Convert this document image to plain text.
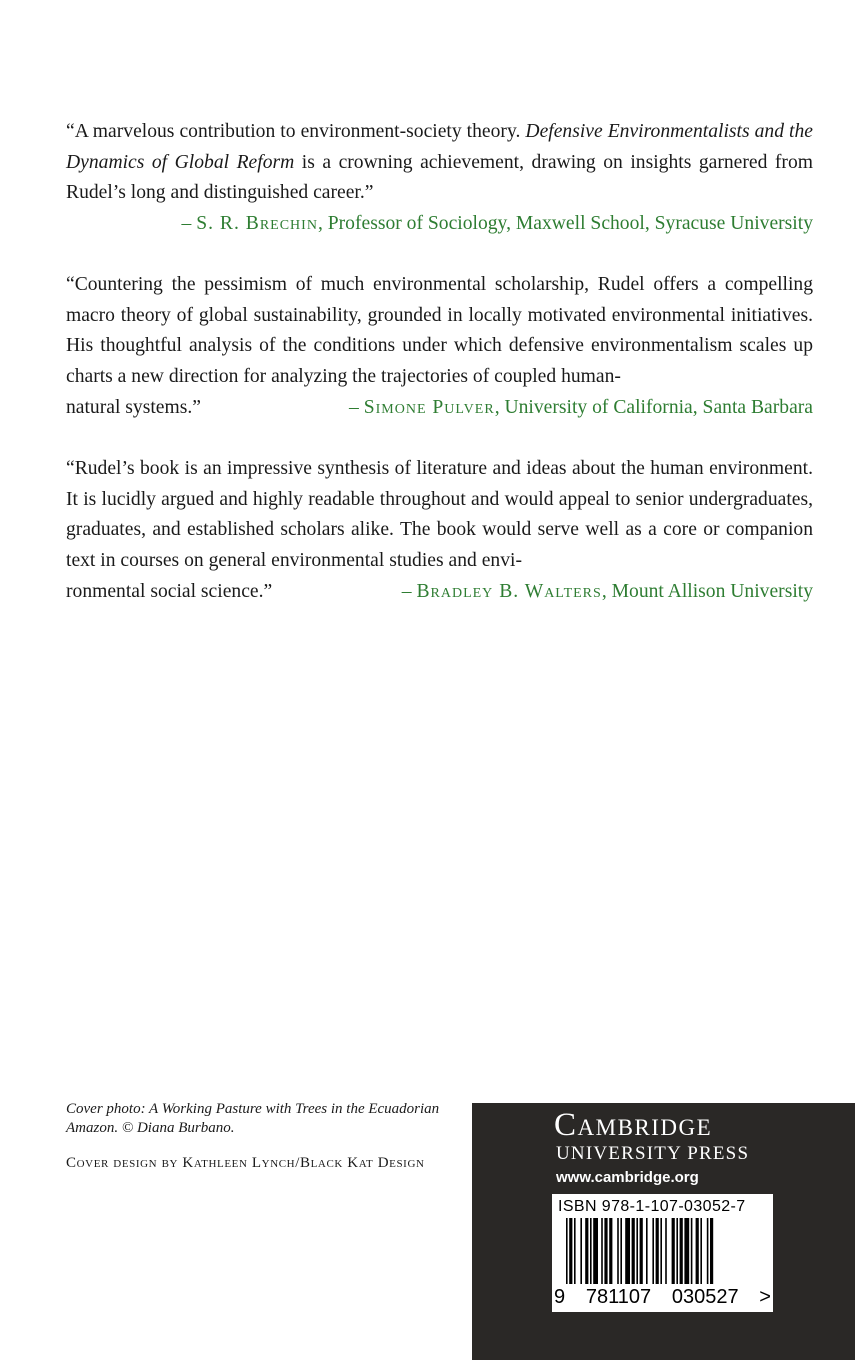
“A marvelous contribution to environment-society theory. Defensive Environmentalists and the Dynamics of Global Reform is a crowning achievement, drawing on insights garnered from Rudel’s long and distinguished career.”
– S. R. Brechin, Professor of Sociology, Maxwell School, Syracuse University
“Countering the pessimism of much environmental scholarship, Rudel offers a compelling macro theory of global sustainability, grounded in locally motivated environmental initiatives. His thoughtful analysis of the conditions under which defensive environmentalism scales up charts a new direction for analyzing the trajectories of coupled human-
natural systems.”	– Simone Pulver, University of California, Santa Barbara
“Rudel’s book is an impressive synthesis of literature and ideas about the human environment. It is lucidly argued and highly readable throughout and would appeal to senior undergraduates, graduates, and established scholars alike. The book would serve well as a core or companion text in courses on general environmental studies and envi-
ronmental social science.”	– Bradley B. Walters, Mount Allison University
Cover photo: A Working Pasture with Trees in the Ecuadorian Amazon. © Diana Burbano.
Cover design by Kathleen Lynch/Black Kat Design
Cambridge
UNIVERSITY PRESS
www.cambridge.org
ISBN 978-1-107-03052-7
9 781107 030527 >
